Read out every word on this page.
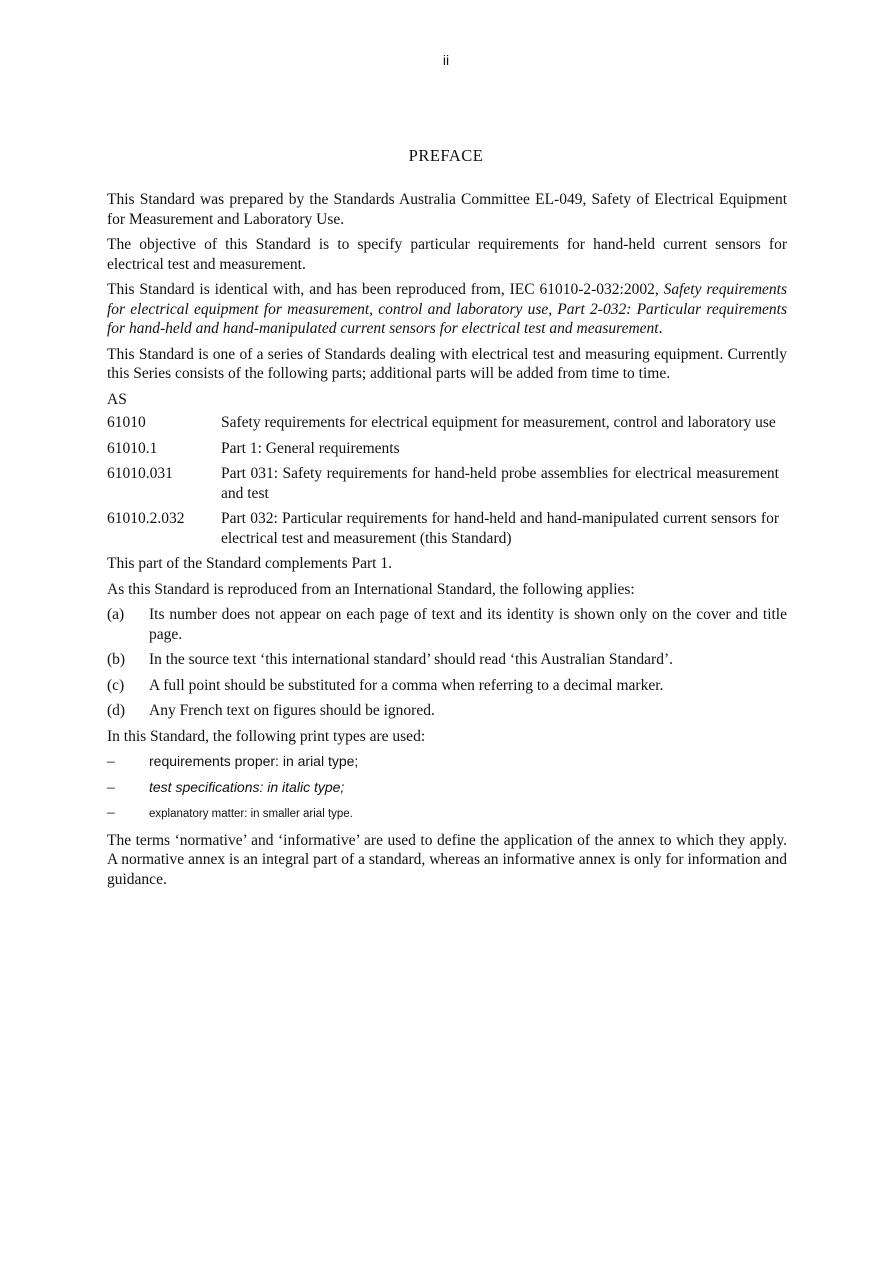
ii
PREFACE

This Standard was prepared by the Standards Australia Committee EL-049, Safety of Electrical Equipment for Measurement and Laboratory Use.

The objective of this Standard is to specify particular requirements for hand-held current sensors for electrical test and measurement.

This Standard is identical with, and has been reproduced from, IEC 61010-2-032:2002, Safety requirements for electrical equipment for measurement, control and laboratory use, Part 2-032: Particular requirements for hand-held and hand-manipulated current sensors for electrical test and measurement.

This Standard is one of a series of Standards dealing with electrical test and measuring equipment. Currently this Series consists of the following parts; additional parts will be added from time to time.

AS

61010	Safety requirements for electrical equipment for measurement, control and laboratory use
61010.1	Part 1: General requirements
61010.031	Part 031: Safety requirements for hand-held probe assemblies for electrical measurement and test
61010.2.032	Part 032: Particular requirements for hand-held and hand-manipulated current sensors for electrical test and measurement (this Standard)

This part of the Standard complements Part 1.

As this Standard is reproduced from an International Standard, the following applies:

(a)	Its number does not appear on each page of text and its identity is shown only on the cover and title page.
(b)	In the source text ‘this international standard’ should read ‘this Australian Standard’.
(c)	A full point should be substituted for a comma when referring to a decimal marker.
(d)	Any French text on figures should be ignored.

In this Standard, the following print types are used:

–	requirements proper: in arial type;
–	test specifications: in italic type;
–	explanatory matter: in smaller arial type.

The terms ‘normative’ and ‘informative’ are used to define the application of the annex to which they apply. A normative annex is an integral part of a standard, whereas an informative annex is only for information and guidance.
